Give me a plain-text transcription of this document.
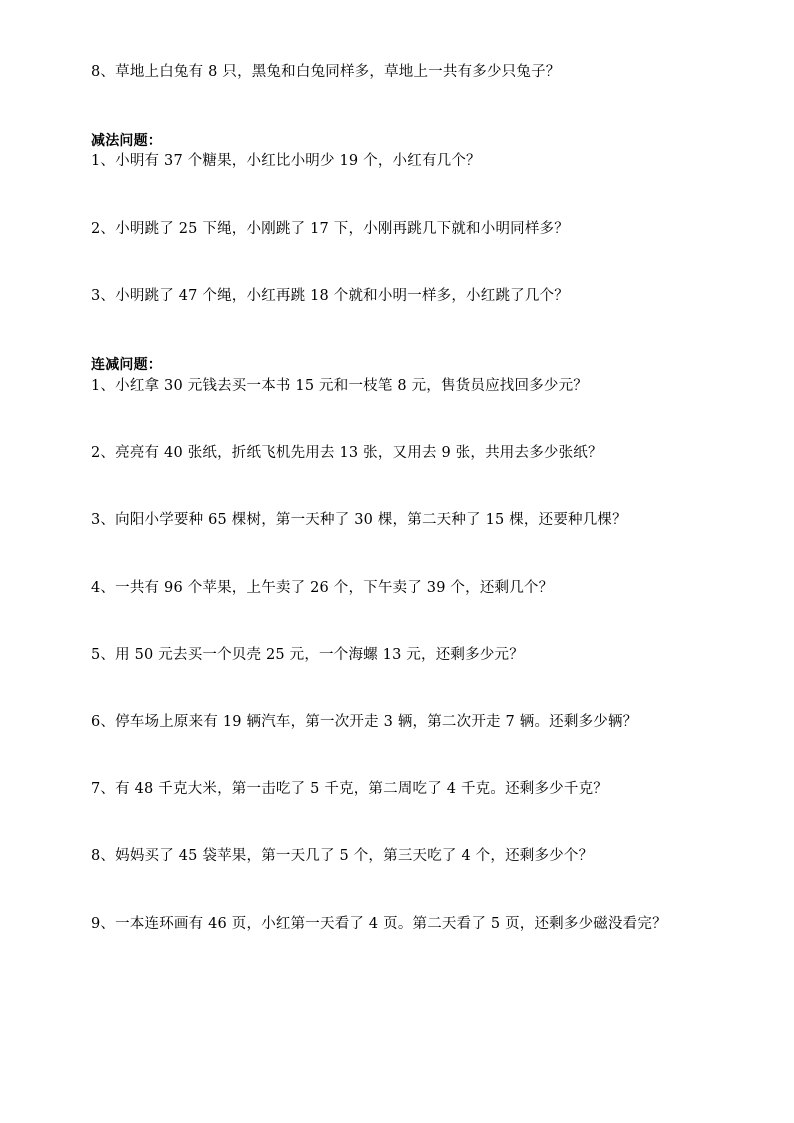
8、草地上白兔有 8 只，黑兔和白兔同样多，草地上一共有多少只兔子？
减法问题：
1、小明有 37 个糖果，小红比小明少 19 个，小红有几个？
2、小明跳了 25 下绳，小刚跳了 17 下，小刚再跳几下就和小明同样多？
3、小明跳了 47 个绳，小红再跳 18 个就和小明一样多，小红跳了几个？
连减问题：
1、小红拿 30 元钱去买一本书 15 元和一枝笔 8 元，售货员应找回多少元？
2、亮亮有 40 张纸，折纸飞机先用去 13 张，又用去 9 张，共用去多少张纸？
3、向阳小学要种 65 棵树，第一天种了 30 棵，第二天种了 15 棵，还要种几棵？
4、一共有 96 个苹果，上午卖了 26 个，下午卖了 39 个，还剩几个？
5、用 50 元去买一个贝壳 25 元，一个海螺 13 元，还剩多少元？
6、停车场上原来有 19 辆汽车，第一次开走 3 辆，第二次开走 7 辆。还剩多少辆？
7、有 48 千克大米，第一击吃了 5 千克，第二周吃了 4 千克。还剩多少千克？
8、妈妈买了 45 袋苹果，第一天几了 5 个，第三天吃了 4 个，还剩多少个？
9、一本连环画有 46 页，小红第一天看了 4 页。第二天看了 5 页，还剩多少磁没看完？
